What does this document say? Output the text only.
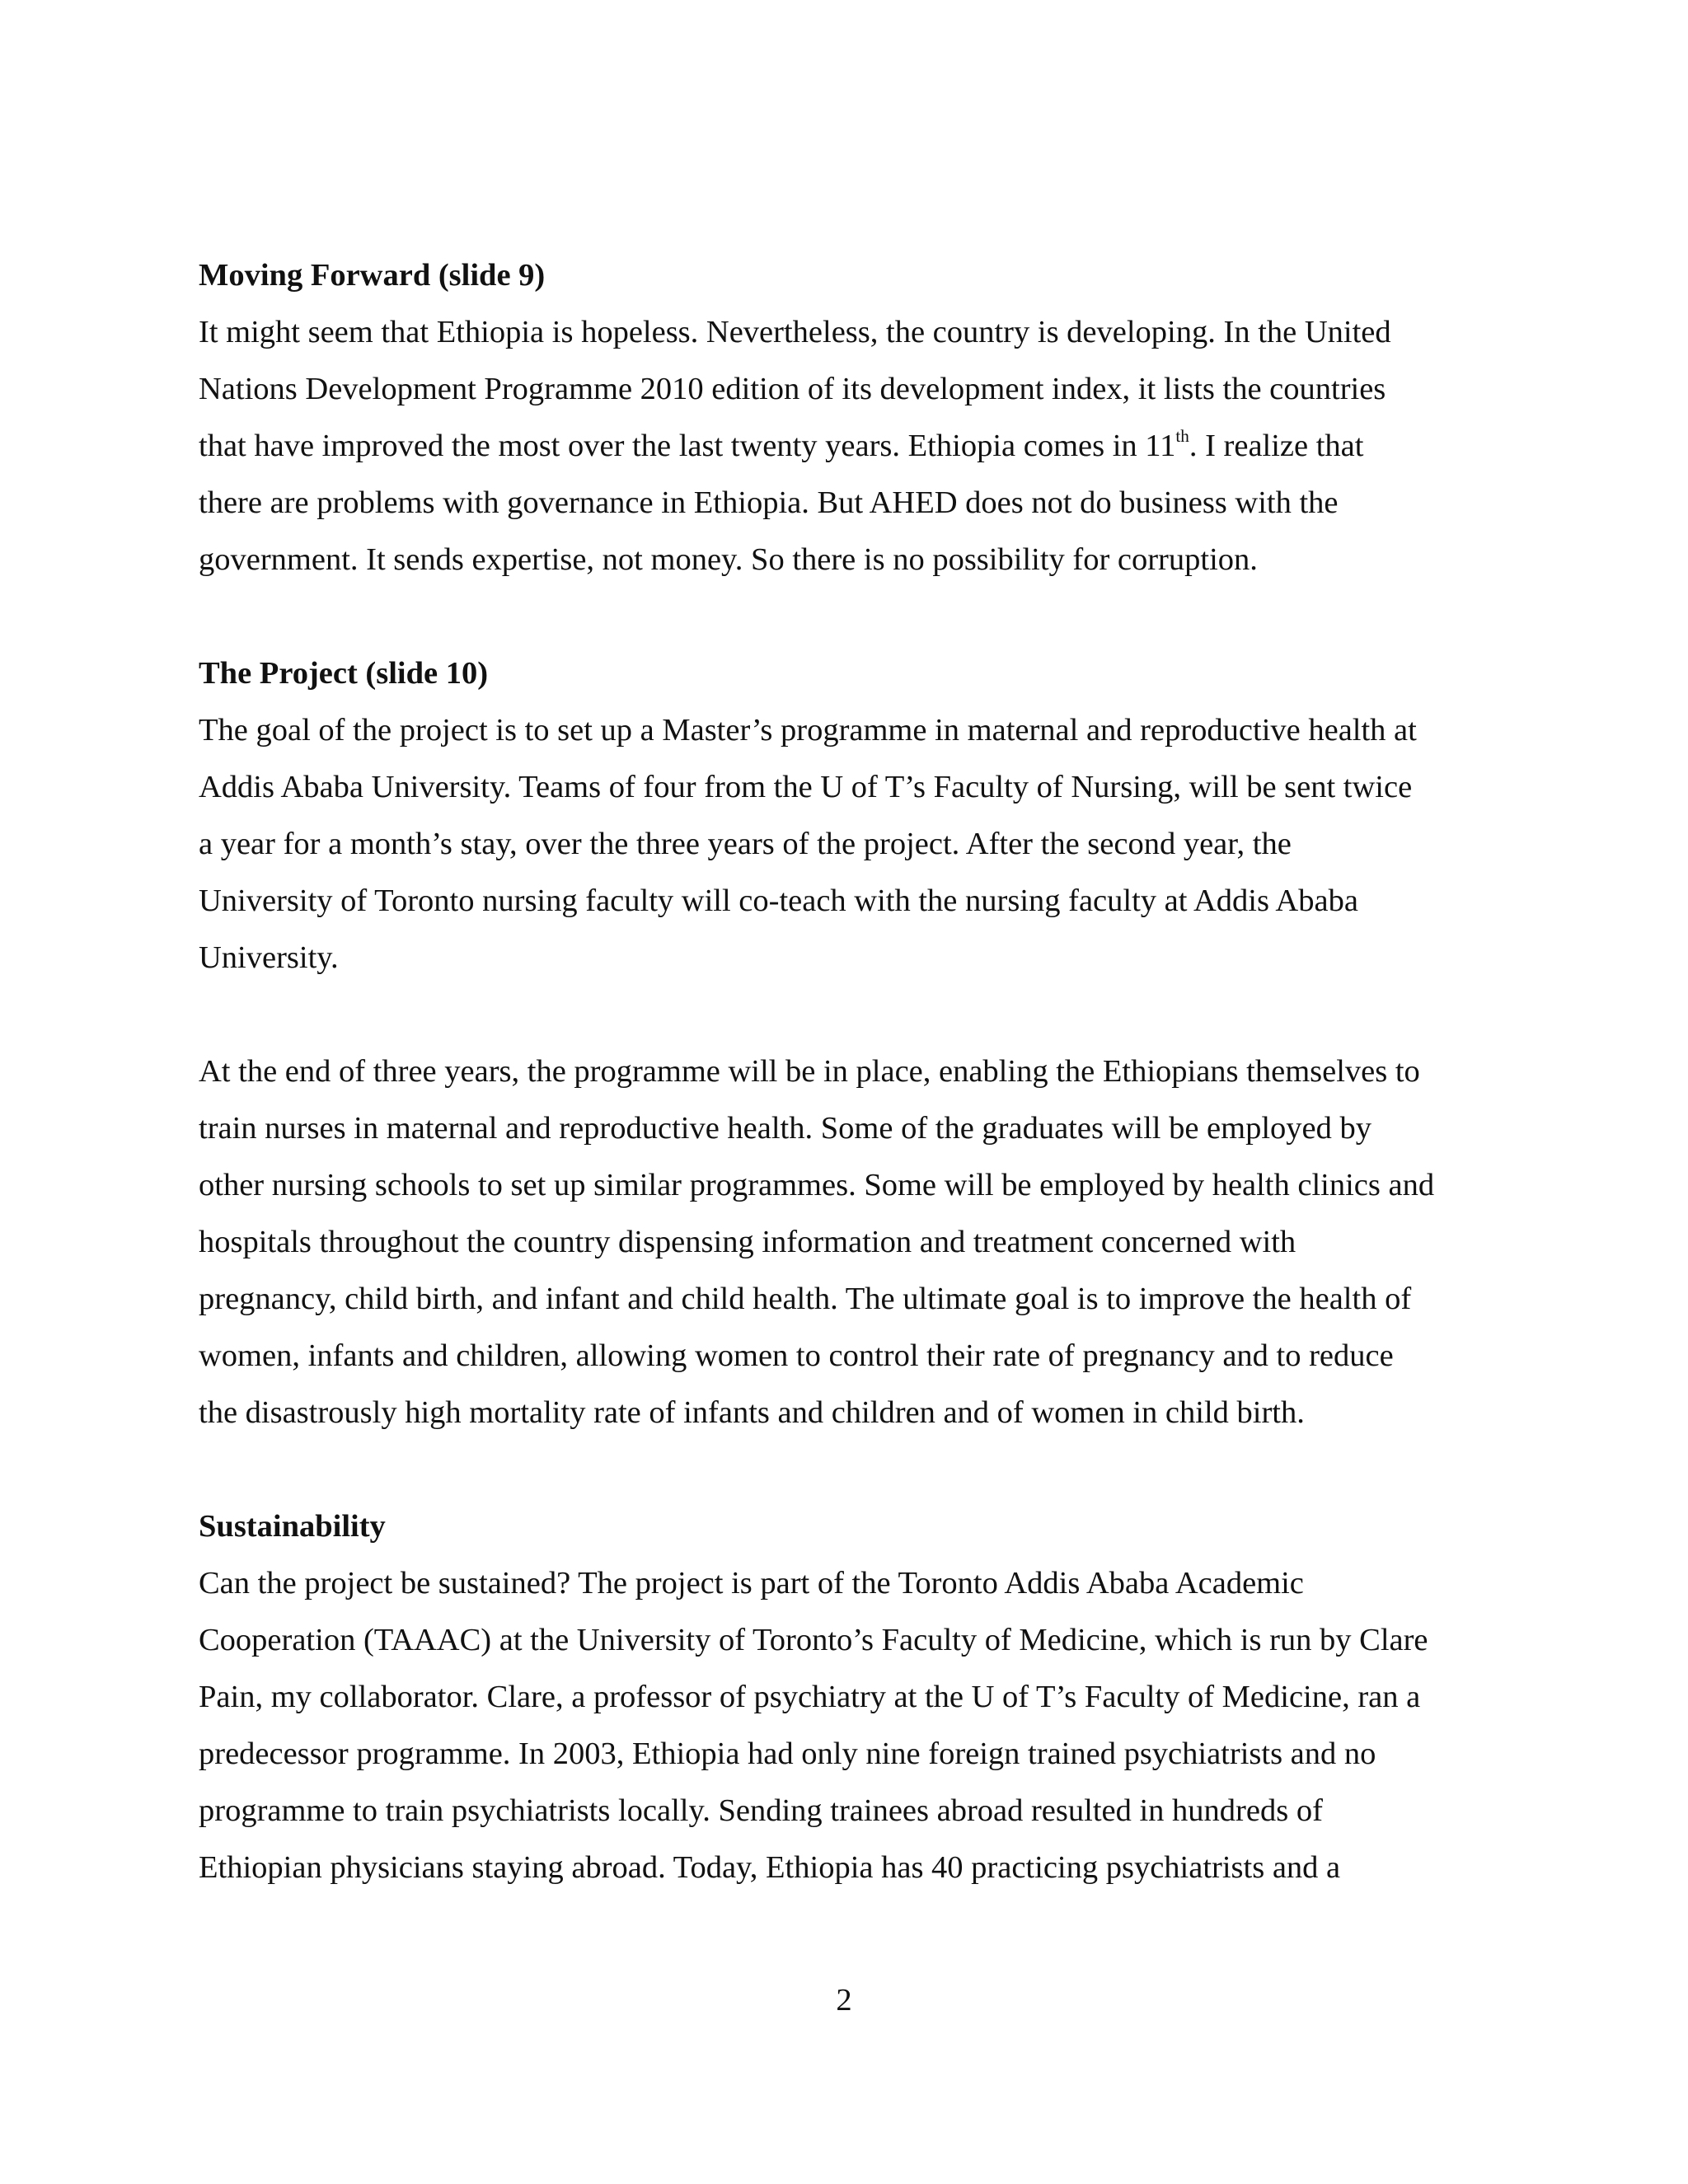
Moving Forward (slide 9)
It might seem that Ethiopia is hopeless. Nevertheless, the country is developing. In the United
Nations Development Programme 2010 edition of its development index, it lists the countries
that have improved the most over the last twenty years. Ethiopia comes in 11th. I realize that
there are problems with governance in Ethiopia. But AHED does not do business with the
government. It sends expertise, not money. So there is no possibility for corruption.
The Project (slide 10)
The goal of the project is to set up a Master’s programme in maternal and reproductive health at
Addis Ababa University. Teams of four from the U of T’s Faculty of Nursing, will be sent twice
a year for a month’s stay, over the three years of the project. After the second year, the
University of Toronto nursing faculty will co-teach with the nursing faculty at Addis Ababa
University.
At the end of three years, the programme will be in place, enabling the Ethiopians themselves to
train nurses in maternal and reproductive health. Some of the graduates will be employed by
other nursing schools to set up similar programmes. Some will be employed by health clinics and
hospitals throughout the country dispensing information and treatment concerned with
pregnancy, child birth, and infant and child health. The ultimate goal is to improve the health of
women, infants and children, allowing women to control their rate of pregnancy and to reduce
the disastrously high mortality rate of infants and children and of women in child birth.
Sustainability
Can the project be sustained? The project is part of the Toronto Addis Ababa Academic
Cooperation (TAAAC) at the University of Toronto’s Faculty of Medicine, which is run by Clare
Pain, my collaborator. Clare, a professor of psychiatry at the U of T’s Faculty of Medicine, ran a
predecessor programme. In 2003, Ethiopia had only nine foreign trained psychiatrists and no
programme to train psychiatrists locally. Sending trainees abroad resulted in hundreds of
Ethiopian physicians staying abroad. Today, Ethiopia has 40 practicing psychiatrists and a
2
